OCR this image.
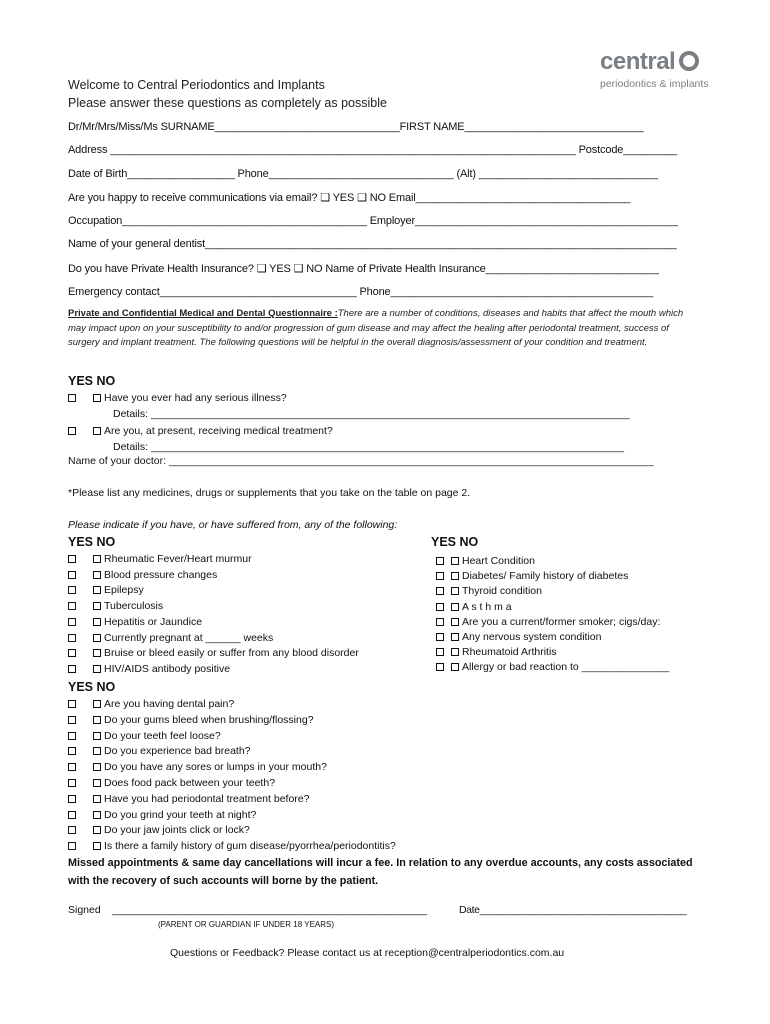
central
periodontics & implants
Welcome to Central Periodontics and Implants
Please answer these questions as completely as possible
Dr/Mr/Mrs/Miss/Ms SURNAME_______________________________FIRST NAME______________________________
Address ______________________________________________________________________________ Postcode_________
Date of Birth__________________ Phone_______________________________ (Alt) ______________________________
Are you happy to receive communications via email? ❑ YES ❑ NO Email____________________________________
Occupation_________________________________________ Employer____________________________________________
Name of your general dentist_______________________________________________________________________________
Do you have Private Health Insurance? ❑ YES ❑ NO Name of Private Health Insurance_____________________________
Emergency contact_________________________________ Phone____________________________________________
Private and Confidential Medical and Dental Questionnaire :There are a number of conditions, diseases and habits that affect the mouth which may impact upon on your susceptibility to and/or progression of gum disease and may affect the healing after periodontal treatment, success of surgery and implant treatment. The following questions will be helpful in the overall diagnosis/assessment of your condition and treatment.
YES NO
Have you ever had any serious illness?
Details: __________________________________________________________________________________
Are you, at present, receiving medical treatment?
Details: _________________________________________________________________________________
Name of your doctor: ___________________________________________________________________________________
*Please list any medicines, drugs or supplements that you take on the table on page 2.
Please indicate if you have, or have suffered from, any of the following:
YES NO	YES NO
Rheumatic Fever/Heart murmur
Blood pressure changes
Epilepsy
Tuberculosis
Hepatitis or Jaundice
Currently pregnant at ______ weeks
Bruise or bleed easily or suffer from any blood disorder
HIV/AIDS antibody positive
Heart Condition
Diabetes/ Family history of diabetes
Thyroid condition
A s t h m a
Are you a current/former smoker; cigs/day:
Any nervous system condition
Rheumatoid Arthritis
Allergy or bad reaction to _______________
YES NO
Are you having dental pain?
Do your gums bleed when brushing/flossing?
Do your teeth feel loose?
Do you experience bad breath?
Do you have any sores or lumps in your mouth?
Does food pack between your teeth?
Have you had periodontal treatment before?
Do you grind your teeth at night?
Do your jaw joints click or lock?
Is there a family history of gum disease/pyorrhea/periodontitis?
Missed appointments & same day cancellations will incur a fee. In relation to any overdue accounts, any costs associated with the recovery of such accounts will borne by the patient.
Signed ____________________________________________________________
(PARENT OR GUARDIAN IF UNDER 18 YEARS)
Date______________________________________
Questions or Feedback? Please contact us at reception@centralperiodontics.com.au
